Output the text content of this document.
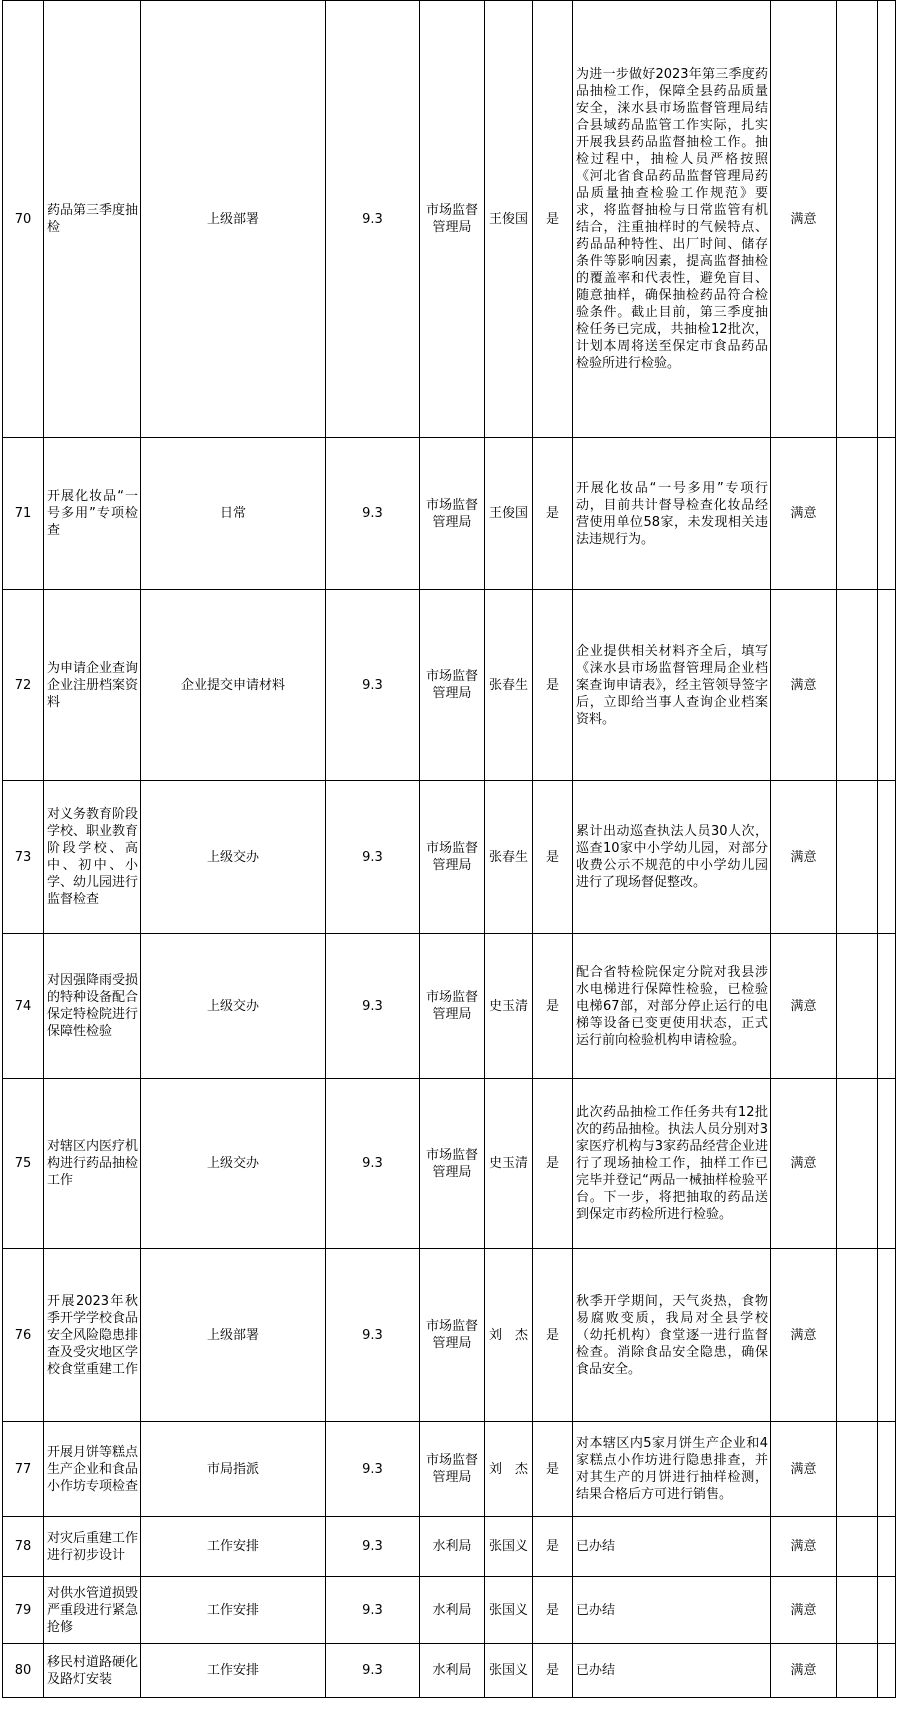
70	药品第三季度抽检	上级部署	9.3	市场监督管理局	王俊国	是	为进一步做好2023年第三季度药品抽检工作，保障全县药品质量安全，涞水县市场监督管理局结合县域药品监管工作实际，扎实开展我县药品监督抽检工作。抽检过程中，抽检人员严格按照《河北省食品药品监督管理局药品质量抽查检验工作规范》要求，将监督抽检与日常监管有机结合，注重抽样时的气候特点、药品品种特性、出厂时间、储存条件等影响因素，提高监督抽检的覆盖率和代表性，避免盲目、随意抽样，确保抽检药品符合检验条件。截止目前，第三季度抽检任务已完成，共抽检12批次，计划本周将送至保定市食品药品检验所进行检验。	满意		
71	开展化妆品“一号多用”专项检查	日常	9.3	市场监督管理局	王俊国	是	开展化妆品“一号多用”专项行动，目前共计督导检查化妆品经营使用单位58家，未发现相关违法违规行为。	满意		
72	为申请企业查询企业注册档案资料	企业提交申请材料	9.3	市场监督管理局	张春生	是	企业提供相关材料齐全后，填写《涞水县市场监督管理局企业档案查询申请表》，经主管领导签字后，立即给当事人查询企业档案资料。	满意		
73	对义务教育阶段学校、职业教育阶段学校、高中、初中、小学、幼儿园进行监督检查	上级交办	9.3	市场监督管理局	张春生	是	累计出动巡查执法人员30人次，巡查10家中小学幼儿园，对部分收费公示不规范的中小学幼儿园进行了现场督促整改。	满意		
74	对因强降雨受损的特种设备配合保定特检院进行保障性检验	上级交办	9.3	市场监督管理局	史玉清	是	配合省特检院保定分院对我县涉水电梯进行保障性检验，已检验电梯67部，对部分停止运行的电梯等设备已变更使用状态，正式运行前向检验机构申请检验。	满意		
75	对辖区内医疗机构进行药品抽检工作	上级交办	9.3	市场监督管理局	史玉清	是	此次药品抽检工作任务共有12批次的药品抽检。执法人员分别对3家医疗机构与3家药品经营企业进行了现场抽检工作，抽样工作已完毕并登记“两品一械抽样检验平台。下一步，将把抽取的药品送到保定市药检所进行检验。	满意		
76	开展2023年秋季开学学校食品安全风险隐患排查及受灾地区学校食堂重建工作	上级部署	9.3	市场监督管理局	刘　杰	是	秋季开学期间，天气炎热，食物易腐败变质，我局对全县学校（幼托机构）食堂逐一进行监督检查。消除食品安全隐患，确保食品安全。	满意		
77	开展月饼等糕点生产企业和食品小作坊专项检查	市局指派	9.3	市场监督管理局	刘　杰	是	对本辖区内5家月饼生产企业和4家糕点小作坊进行隐患排查，并对其生产的月饼进行抽样检测，结果合格后方可进行销售。	满意		
78	对灾后重建工作进行初步设计	工作安排	9.3	水利局	张国义	是	已办结	满意		
79	对供水管道损毁严重段进行紧急抢修	工作安排	9.3	水利局	张国义	是	已办结	满意		
80	移民村道路硬化及路灯安装	工作安排	9.3	水利局	张国义	是	已办结	满意		
